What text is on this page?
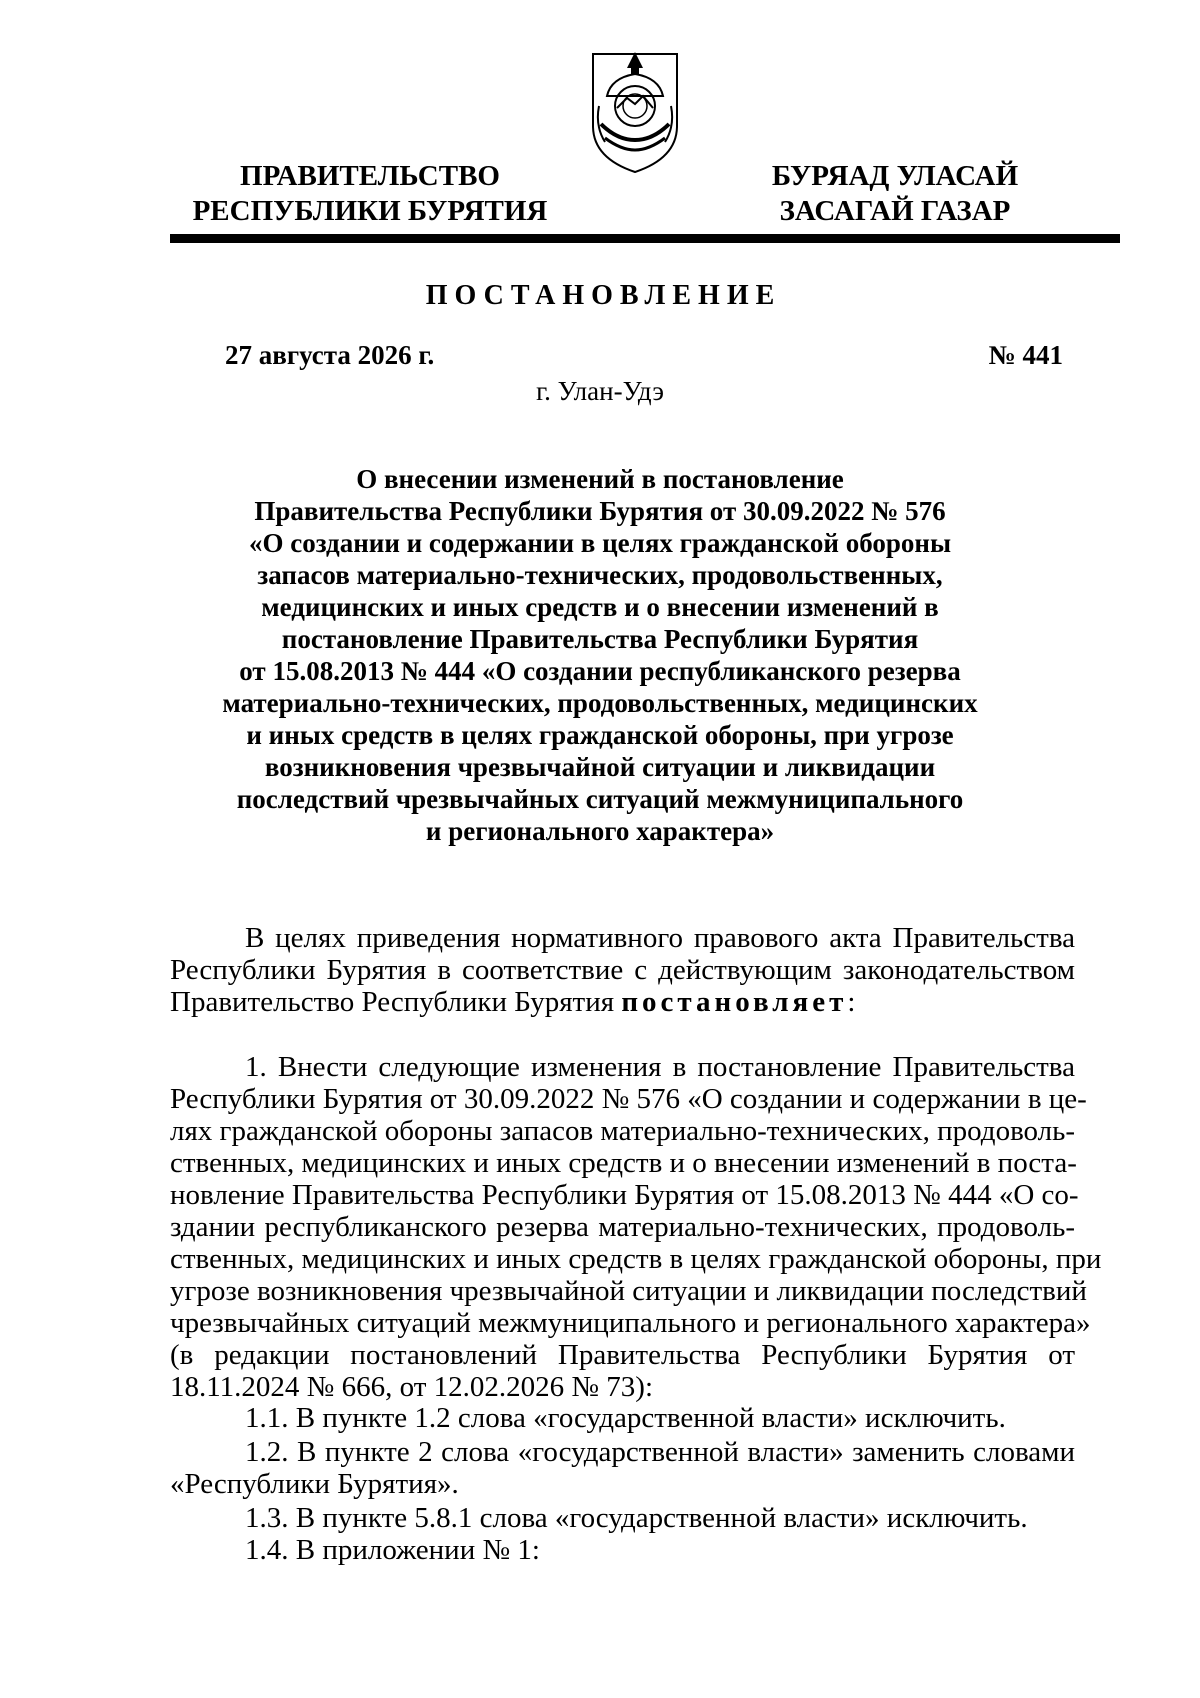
ПРАВИТЕЛЬСТВО
РЕСПУБЛИКИ БУРЯТИЯ
БУРЯАД УЛАСАЙ
ЗАСАГАЙ ГАЗАР
ПОСТАНОВЛЕНИЕ
27 августа 2026 г.	№ 441
г. Улан-Удэ
О внесении изменений в постановление
Правительства Республики Бурятия от 30.09.2022 № 576
«О создании и содержании в целях гражданской обороны
запасов материально-технических, продовольственных,
медицинских и иных средств и о внесении изменений в
постановление Правительства Республики Бурятия
от 15.08.2013 № 444 «О создании республиканского резерва
материально-технических, продовольственных, медицинских
и иных средств в целях гражданской обороны, при угрозе
возникновения чрезвычайной ситуации и ликвидации
последствий чрезвычайных ситуаций межмуниципального
и регионального характера»
В целях приведения нормативного правового акта Правительства
Республики Бурятия в соответствие с действующим законодательством
Правительство Республики Бурятия постановляет:
1. Внести следующие изменения в постановление Правительства
Республики Бурятия от 30.09.2022 № 576 «О создании и содержании в це-
лях гражданской обороны запасов материально-технических, продоволь-
ственных, медицинских и иных средств и о внесении изменений в поста-
новление Правительства Республики Бурятия от 15.08.2013 № 444 «О со-
здании республиканского резерва материально-технических, продоволь-
ственных, медицинских и иных средств в целях гражданской обороны, при
угрозе возникновения чрезвычайной ситуации и ликвидации последствий
чрезвычайных ситуаций межмуниципального и регионального характера»
(в редакции постановлений Правительства Республики Бурятия от
18.11.2024 № 666, от 12.02.2026 № 73):
1.1. В пункте 1.2 слова «государственной власти» исключить.
1.2. В пункте 2 слова «государственной власти» заменить словами
«Республики Бурятия».
1.3. В пункте 5.8.1 слова «государственной власти» исключить.
1.4. В приложении № 1:
